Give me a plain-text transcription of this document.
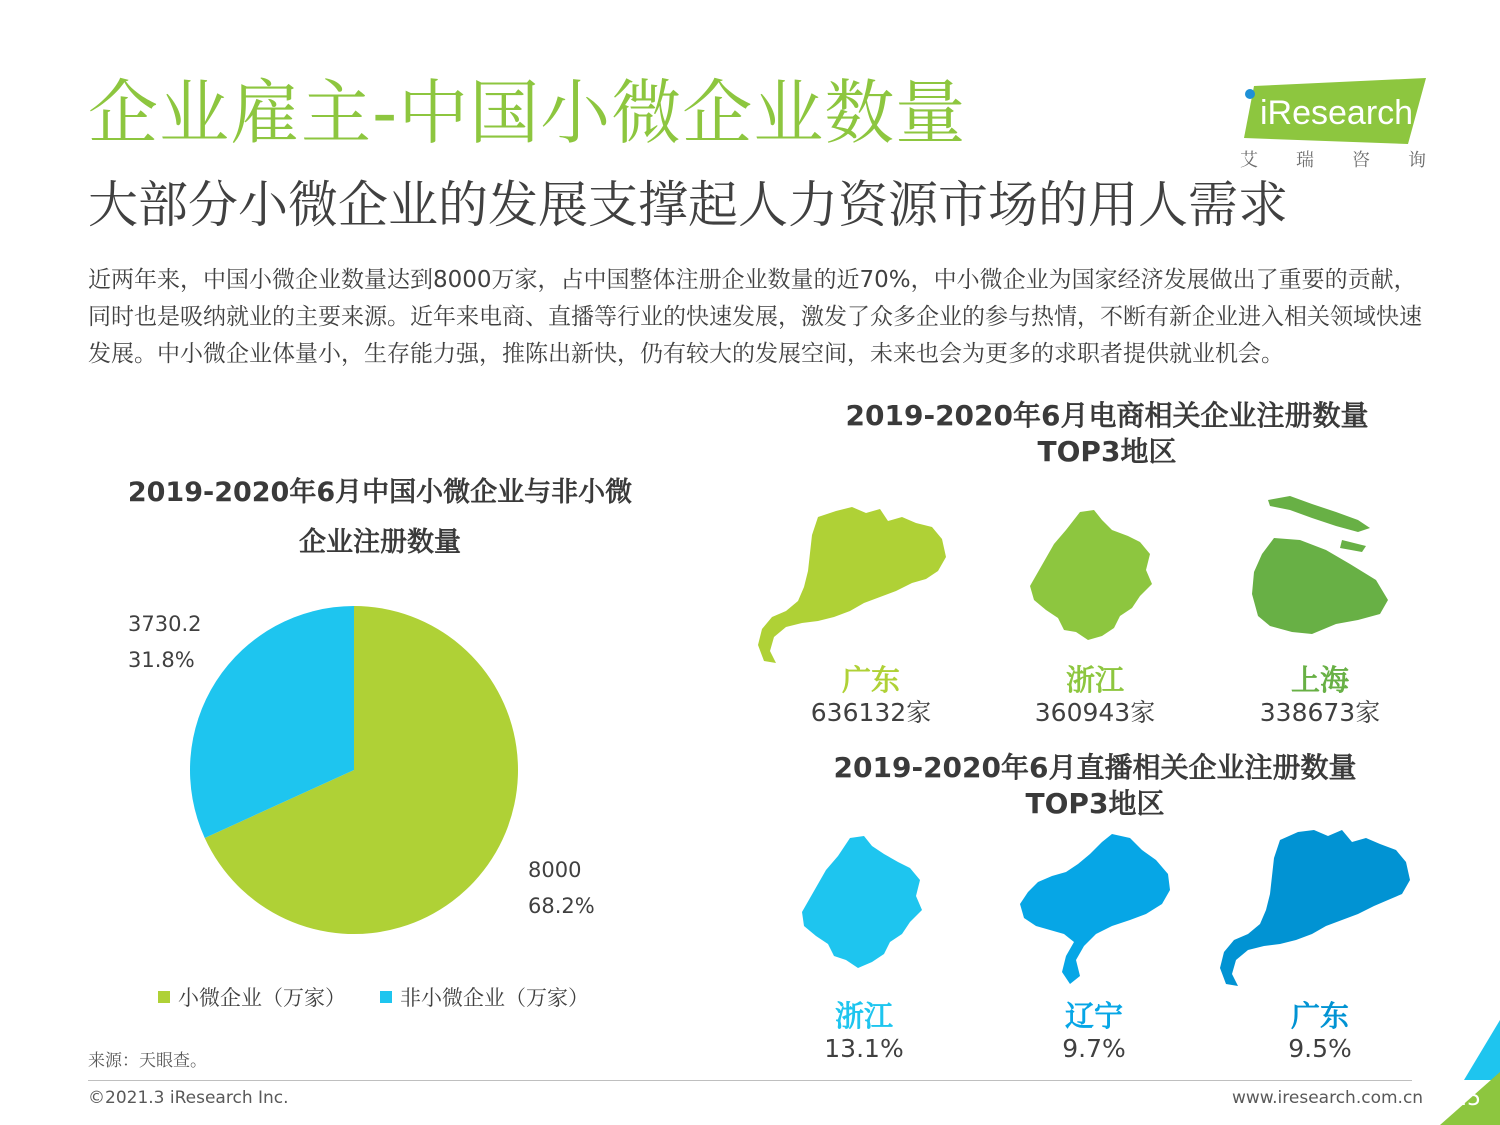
企业雇主-中国小微企业数量
大部分小微企业的发展支撑起人力资源市场的用人需求
iResearch
艾 瑞 咨 询
近两年来，中国小微企业数量达到8000万家，占中国整体注册企业数量的近70%，中小微企业为国家经济发展做出了重要的贡献，同时也是吸纳就业的主要来源。近年来电商、直播等行业的快速发展，激发了众多企业的参与热情，不断有新企业进入相关领域快速发展。中小微企业体量小，生存能力强，推陈出新快，仍有较大的发展空间，未来也会为更多的求职者提供就业机会。
2019-2020年6月中国小微企业与非小微
企业注册数量
3730.2
31.8%
8000
68.2%
小微企业（万家）	非小微企业（万家）
来源：天眼查。
2019-2020年6月电商相关企业注册数量
TOP3地区
广东
636132家
浙江
360943家
上海
338673家
2019-2020年6月直播相关企业注册数量
TOP3地区
浙江
13.1%
辽宁
9.7%
广东
9.5%
©2021.3 iResearch Inc.	www.iresearch.com.cn 25
